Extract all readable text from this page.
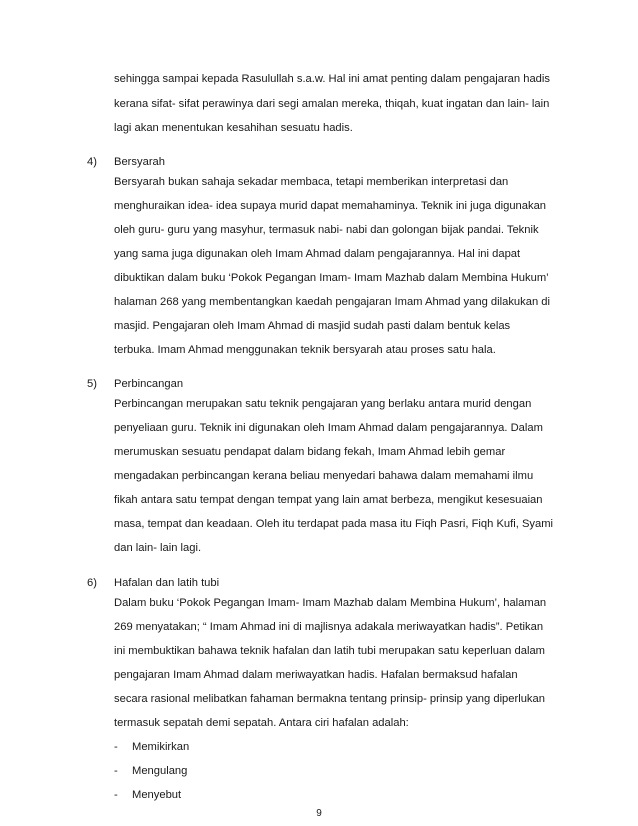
sehingga sampai kepada Rasulullah s.a.w. Hal ini amat penting dalam pengajaran hadis
kerana sifat- sifat perawinya dari segi amalan mereka, thiqah, kuat ingatan dan lain- lain
lagi akan menentukan kesahihan sesuatu hadis.
4) Bersyarah
Bersyarah bukan sahaja sekadar membaca, tetapi memberikan interpretasi dan
menghuraikan idea- idea supaya murid dapat memahaminya. Teknik ini juga digunakan
oleh guru- guru yang masyhur, termasuk nabi- nabi dan golongan bijak pandai. Teknik
yang sama juga digunakan oleh Imam Ahmad dalam pengajarannya. Hal ini dapat
dibuktikan dalam buku ‘Pokok Pegangan Imam- Imam Mazhab dalam Membina Hukum’
halaman 268 yang membentangkan kaedah pengajaran Imam Ahmad yang dilakukan di
masjid. Pengajaran oleh Imam Ahmad di masjid sudah pasti dalam bentuk kelas
terbuka. Imam Ahmad menggunakan teknik bersyarah atau proses satu hala.
5) Perbincangan
Perbincangan merupakan satu teknik pengajaran yang berlaku antara murid dengan
penyeliaan guru. Teknik ini digunakan oleh Imam Ahmad dalam pengajarannya. Dalam
merumuskan sesuatu pendapat dalam bidang fekah, Imam Ahmad lebih gemar
mengadakan perbincangan kerana beliau menyedari bahawa dalam memahami ilmu
fikah antara satu tempat dengan tempat yang lain amat berbeza, mengikut kesesuaian
masa, tempat dan keadaan. Oleh itu terdapat pada masa itu Fiqh Pasri, Fiqh Kufi, Syami
dan lain- lain lagi.
6) Hafalan dan latih tubi
Dalam buku ‘Pokok Pegangan Imam- Imam Mazhab dalam Membina Hukum’, halaman
269 menyatakan; “ Imam Ahmad ini di majlisnya adakala meriwayatkan hadis”. Petikan
ini membuktikan bahawa teknik hafalan dan latih tubi merupakan satu keperluan dalam
pengajaran Imam Ahmad dalam meriwayatkan hadis. Hafalan bermaksud hafalan
secara rasional melibatkan fahaman bermakna tentang prinsip- prinsip yang diperlukan
termasuk sepatah demi sepatah. Antara ciri hafalan adalah:
- Memikirkan
- Mengulang
- Menyebut
9
